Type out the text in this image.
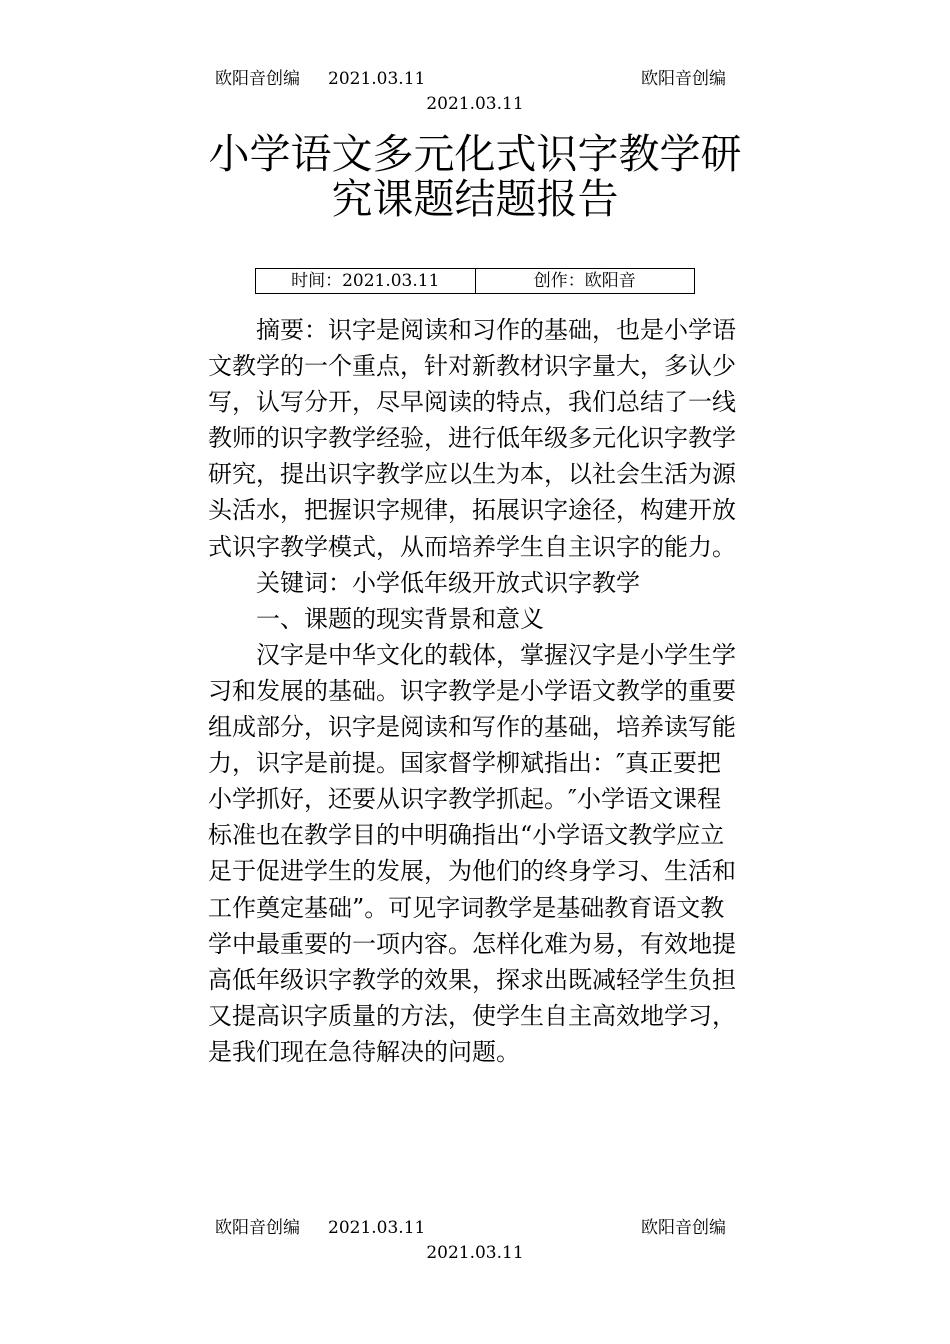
欧阳音创编 2021.03.11	欧阳音创编
2021.03.11
小学语文多元化式识字教学研究课题结题报告
时间：2021.03.11	创作：欧阳音

摘要：识字是阅读和习作的基础，也是小学语文教学的一个重点，针对新教材识字量大，多认少写，认写分开，尽早阅读的特点，我们总结了一线教师的识字教学经验，进行低年级多元化识字教学研究，提出识字教学应以生为本，以社会生活为源头活水，把握识字规律，拓展识字途径，构建开放式识字教学模式，从而培养学生自主识字的能力。

关键词：小学低年级开放式识字教学

一、课题的现实背景和意义

汉字是中华文化的载体，掌握汉字是小学生学习和发展的基础。识字教学是小学语文教学的重要组成部分，识字是阅读和写作的基础，培养读写能力，识字是前提。国家督学柳斌指出：″真正要把小学抓好，还要从识字教学抓起。″小学语文课程标准也在教学目的中明确指出“小学语文教学应立足于促进学生的发展，为他们的终身学习、生活和工作奠定基础”。可见字词教学是基础教育语文教学中最重要的一项内容。怎样化难为易，有效地提高低年级识字教学的效果，探求出既减轻学生负担又提高识字质量的方法，使学生自主高效地学习，是我们现在急待解决的问题。

欧阳音创编 2021.03.11	欧阳音创编
2021.03.11
